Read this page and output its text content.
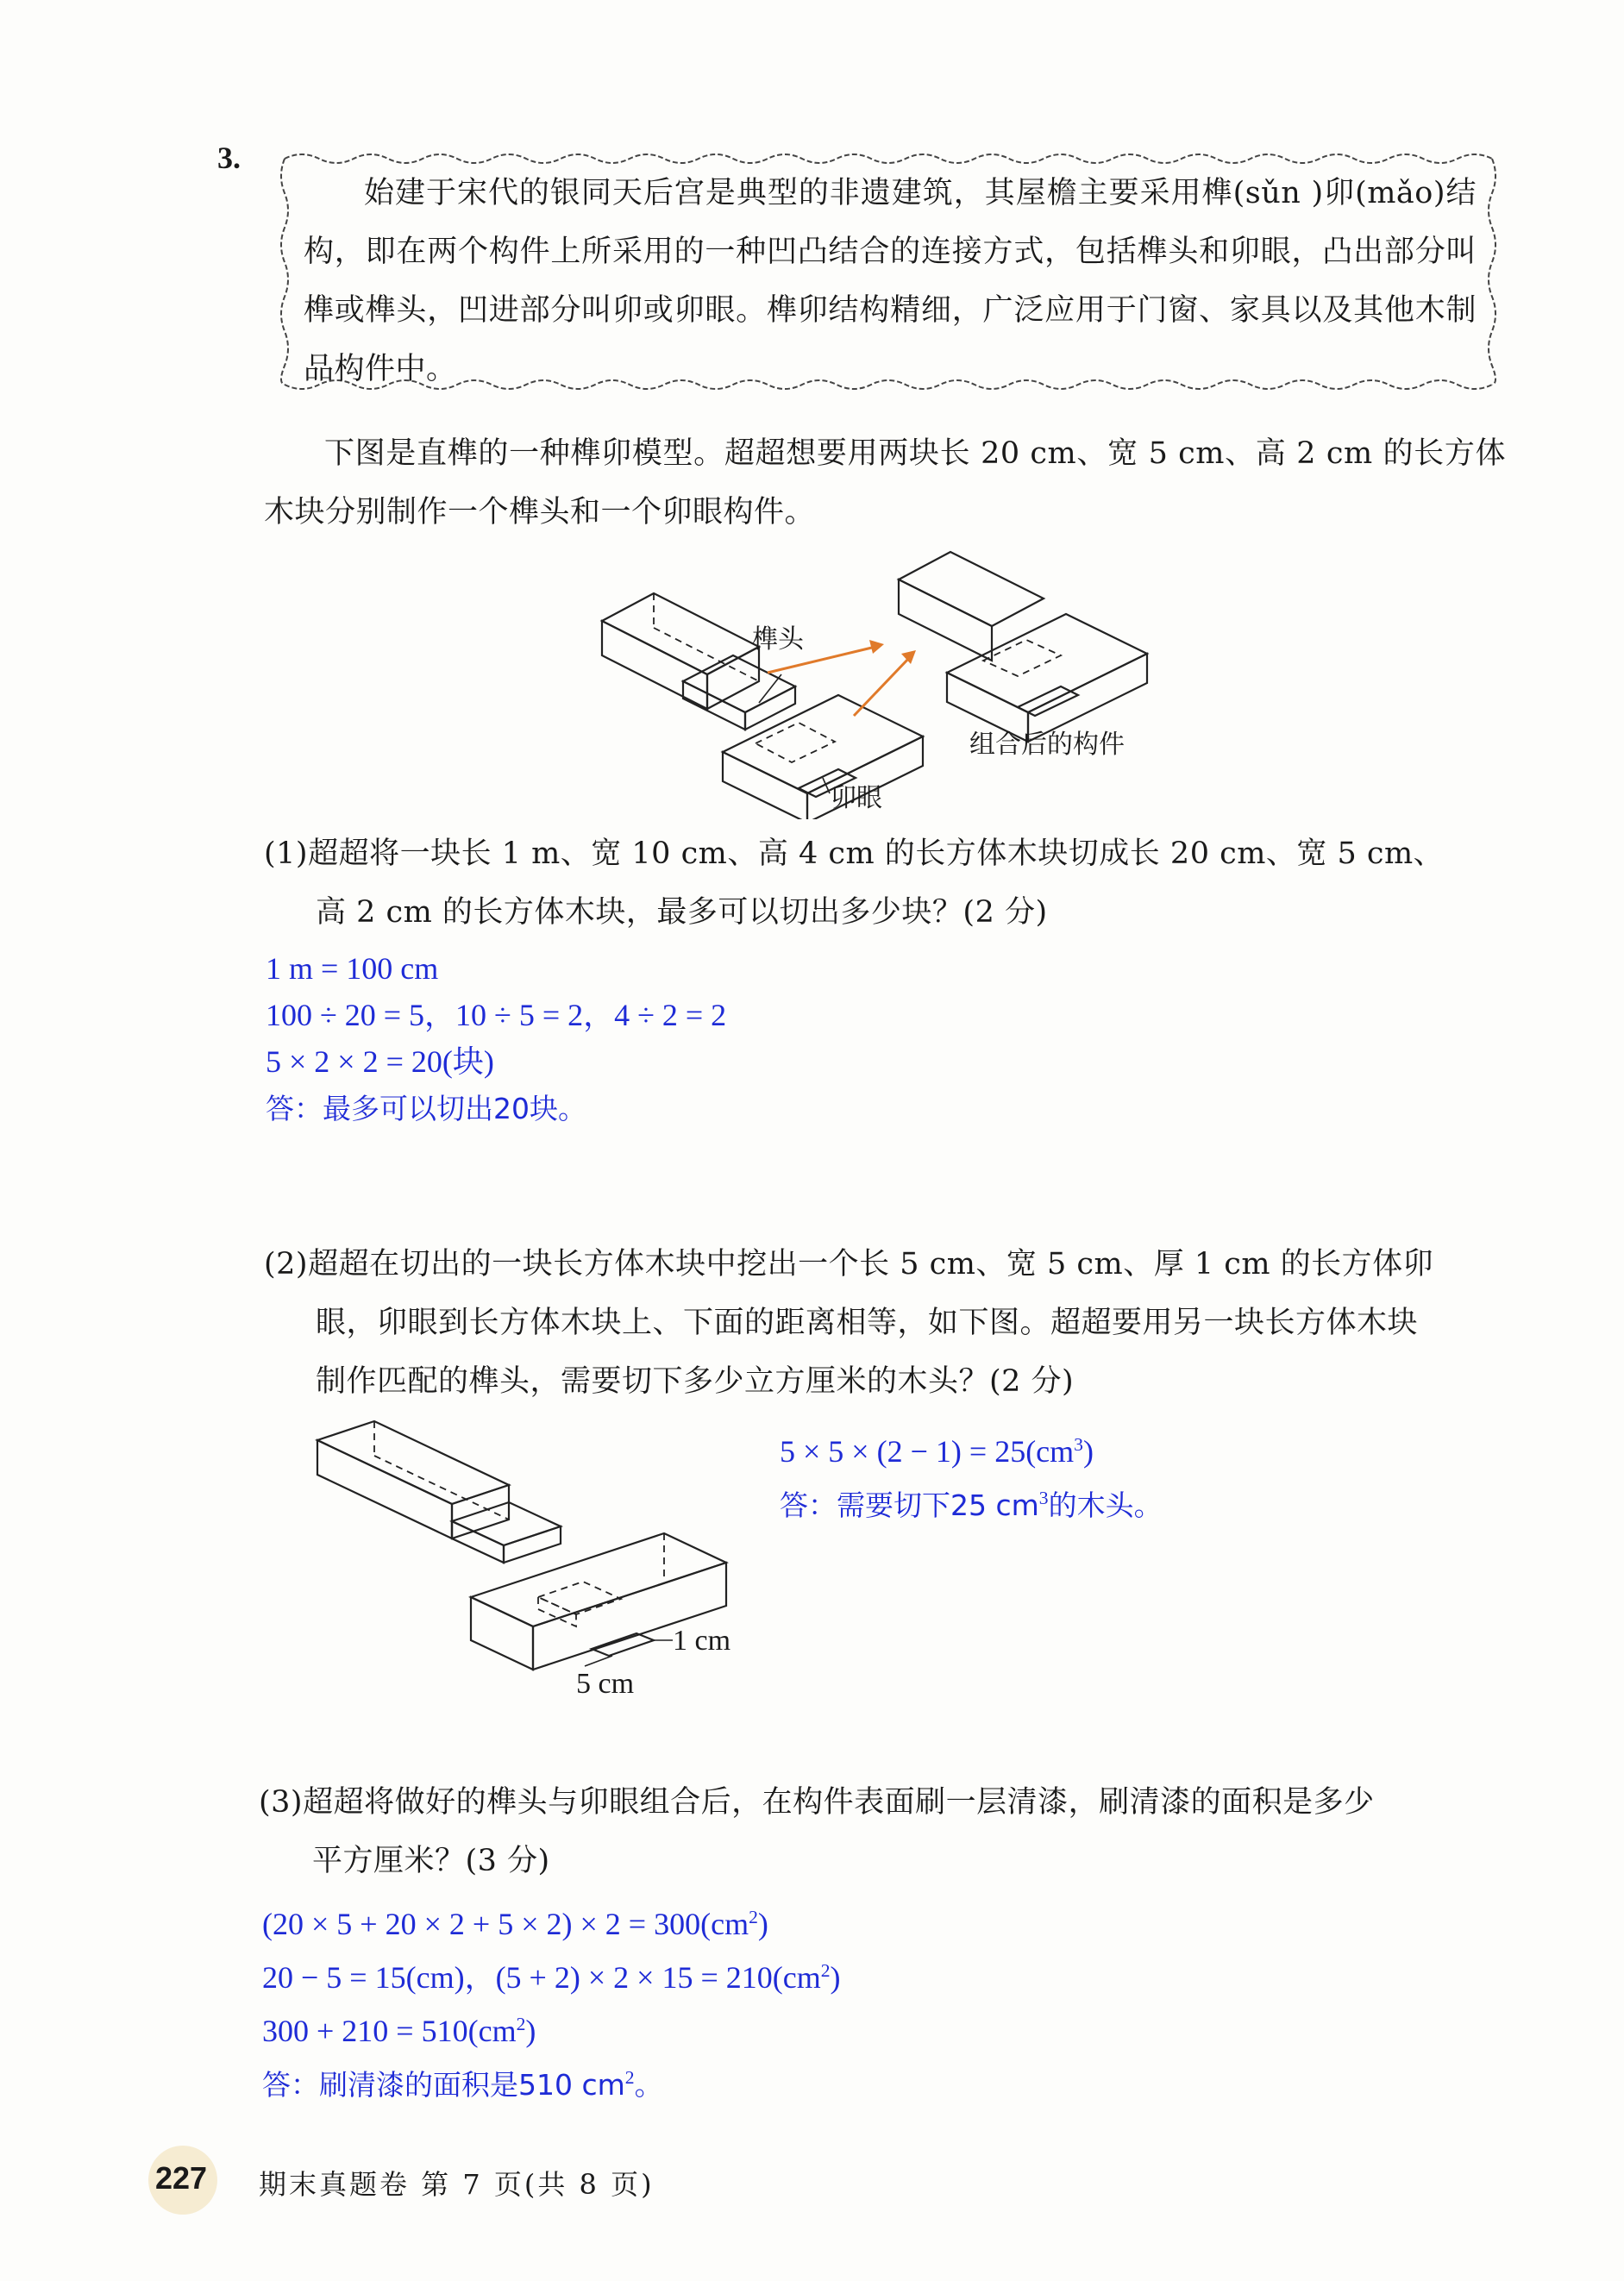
3.
始建于宋代的银同天后宫是典型的非遗建筑，其屋檐主要采用榫(sǔn )卯(mǎo)结构，即在两个构件上所采用的一种凹凸结合的连接方式，包括榫头和卯眼，凸出部分叫榫或榫头，凹进部分叫卯或卯眼。榫卯结构精细，广泛应用于门窗、家具以及其他木制品构件中。
下图是直榫的一种榫卯模型。超超想要用两块长 20 cm、宽 5 cm、高 2 cm 的长方体木块分别制作一个榫头和一个卯眼构件。
榫头
卯眼
组合后的构件
(1)超超将一块长 1 m、宽 10 cm、高 4 cm 的长方体木块切成长 20 cm、宽 5 cm、
高 2 cm 的长方体木块，最多可以切出多少块？(2 分)
1 m = 100 cm
100 ÷ 20 = 5，10 ÷ 5 = 2，4 ÷ 2 = 2
5 × 2 × 2 = 20(块)
答：最多可以切出20块。
(2)超超在切出的一块长方体木块中挖出一个长 5 cm、宽 5 cm、厚 1 cm 的长方体卯
眼，卯眼到长方体木块上、下面的距离相等，如下图。超超要用另一块长方体木块
制作匹配的榫头，需要切下多少立方厘米的木头？(2 分)
1 cm
5 cm
$5 \times 5 \times (2 - 1) = 25(cm^3)$
答：需要切下25 $cm^3$的木头。
(3)超超将做好的榫头与卯眼组合后，在构件表面刷一层清漆，刷清漆的面积是多少
平方厘米？(3 分)
$(20 \times 5 + 20 \times 2 + 5 \times 2) \times 2 = 300(cm^2)$
20 − 5 = 15(cm)，$(5 + 2) \times 2 \times 15 = 210(cm^2)$
$300 + 210 = 510(cm^2)$
答：刷清漆的面积是510 $cm^2$。
227 期末真题卷 第 7 页(共 8 页)
